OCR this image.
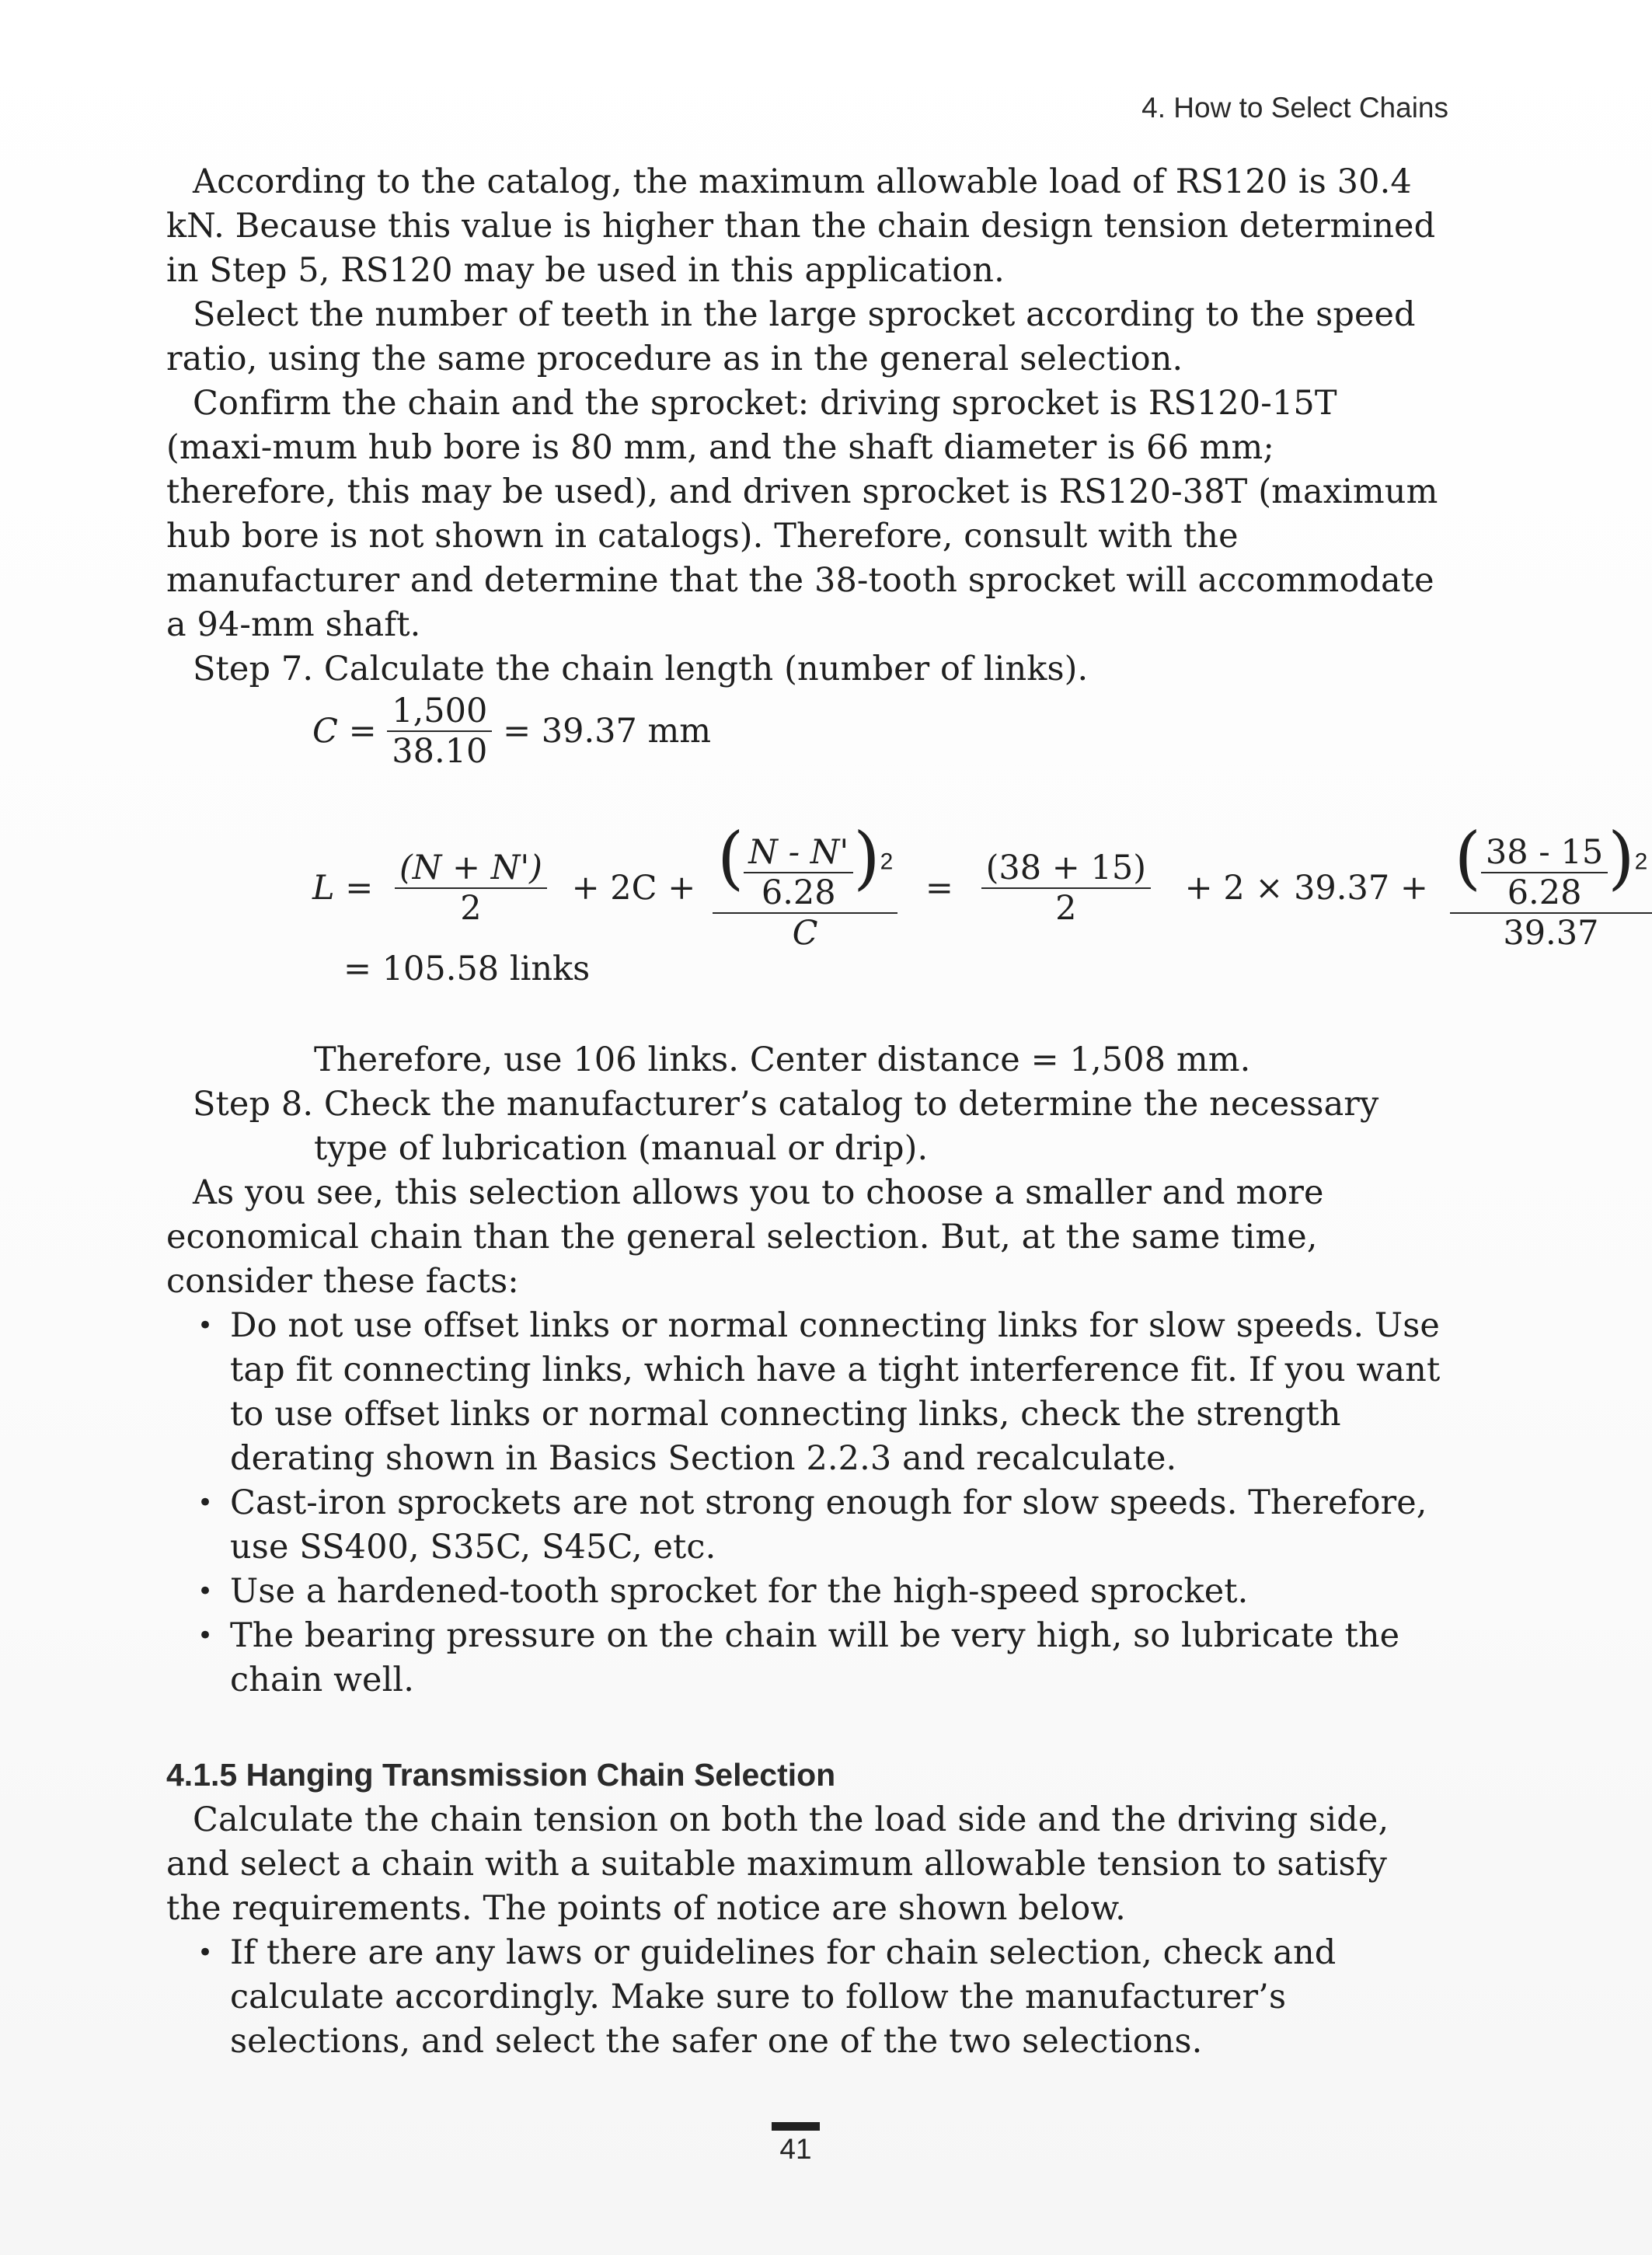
4. How to Select Chains

According to the catalog, the maximum allowable load of RS120 is 30.4 kN. Because this value is higher than the chain design tension determined in Step 5, RS120 may be used in this application.

Select the number of teeth in the large sprocket according to the speed ratio, using the same procedure as in the general selection.

Confirm the chain and the sprocket: driving sprocket is RS120-15T (maxi-mum hub bore is 80 mm, and the shaft diameter is 66 mm; therefore, this may be used), and driven sprocket is RS120-38T (maximum hub bore is not shown in catalogs). Therefore, consult with the manufacturer and determine that the 38-tooth sprocket will accommodate a 94-mm shaft.

Step 7. Calculate the chain length (number of links).

$C = \frac{1,500}{38.10} = 39.37$ mm
$L = \frac{(N + N')}{2} + 2C + \frac{( \frac{N - N'}{6.28} )^2}{C} = \frac{(38 + 15)}{2} + 2 \times 39.37 + \frac{( \frac{38 - 15}{6.28} )^2}{39.37}$
= 105.58 links

Therefore, use 106 links. Center distance = 1,508 mm.

Step 8. Check the manufacturer’s catalog to determine the necessary type of lubrication (manual or drip).

As you see, this selection allows you to choose a smaller and more economical chain than the general selection. But, at the same time, consider these facts:

• Do not use offset links or normal connecting links for slow speeds. Use tap fit connecting links, which have a tight interference fit. If you want to use offset links or normal connecting links, check the strength derating shown in Basics Section 2.2.3 and recalculate.

• Cast-iron sprockets are not strong enough for slow speeds. Therefore, use SS400, S35C, S45C, etc.

• Use a hardened-tooth sprocket for the high-speed sprocket.

• The bearing pressure on the chain will be very high, so lubricate the chain well.

4.1.5 Hanging Transmission Chain Selection

Calculate the chain tension on both the load side and the driving side, and select a chain with a suitable maximum allowable tension to satisfy the requirements. The points of notice are shown below.

• If there are any laws or guidelines for chain selection, check and calculate accordingly. Make sure to follow the manufacturer’s selections, and select the safer one of the two selections.

41
